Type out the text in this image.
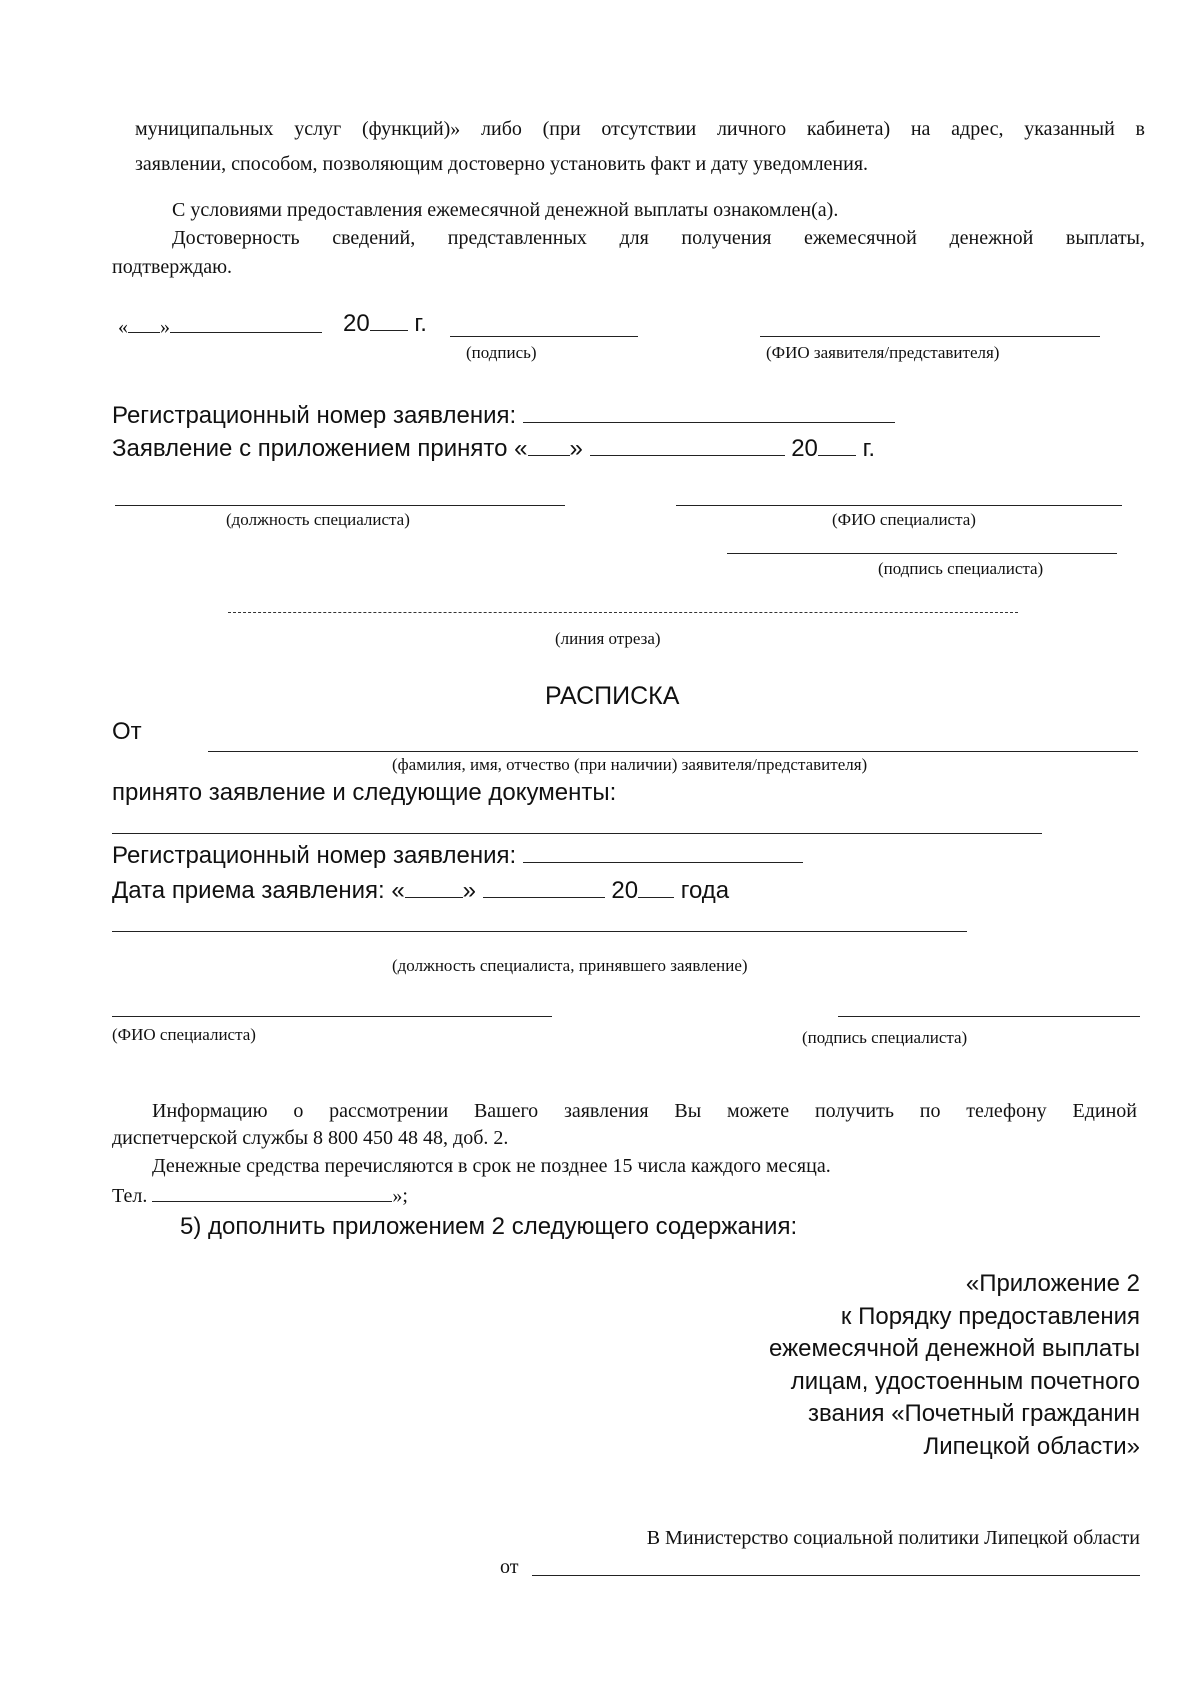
муниципальных услуг (функций)» либо (при отсутствии личного кабинета) на адрес, указанный в
заявлении, способом, позволяющим достоверно установить факт и дату уведомления.
С условиями предоставления ежемесячной денежной выплаты ознакомлен(а).
Достоверность сведений, представленных для получения ежемесячной денежной выплаты,
подтверждаю.
« »	20 г.
(подпись)	(ФИО заявителя/представителя)
Регистрационный номер заявления:
Заявление с приложением принято « »	20 г.
(должность специалиста)	(ФИО специалиста)
(подпись специалиста)
(линия отреза)
РАСПИСКА
От
(фамилия, имя, отчество (при наличии) заявителя/представителя)
принято заявление и следующие документы:
Регистрационный номер заявления:
Дата приема заявления: « »	20 года
(должность специалиста, принявшего заявление)
(ФИО специалиста)	(подпись специалиста)
Информацию о рассмотрении Вашего заявления Вы можете получить по телефону Единой
диспетчерской службы 8 800 450 48 48, доб. 2.
Денежные средства перечисляются в срок не позднее 15 числа каждого месяца.
Тел.	»;
5) дополнить приложением 2 следующего содержания:
«Приложение 2
к Порядку предоставления
ежемесячной денежной выплаты
лицам, удостоенным почетного
звания «Почетный гражданин
Липецкой области»
В Министерство социальной политики Липецкой области
от
